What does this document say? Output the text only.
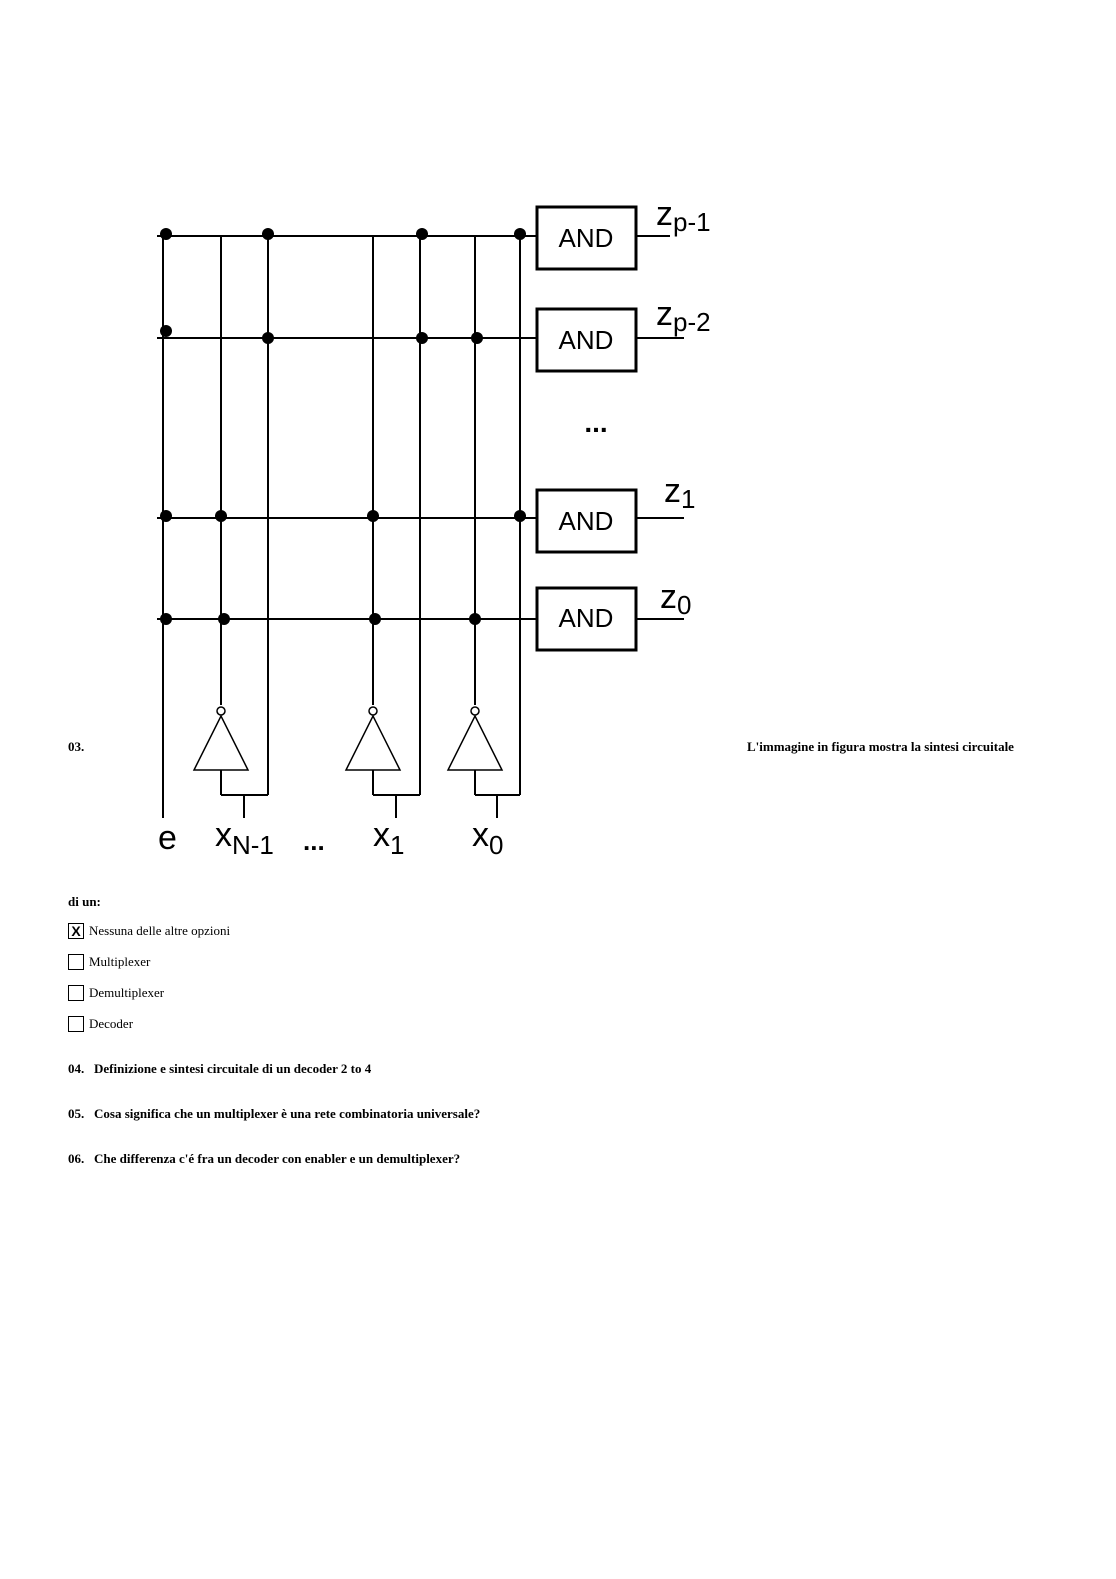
AND
AND
AND
AND
...
zp-1
zp-2
z1
z0
e xN-1 ... x1 x0
03.	L'immagine in figura mostra la sintesi circuitale
di un:
X Nessuna delle altre opzioni
Multiplexer
Demultiplexer
Decoder
04. Definizione e sintesi circuitale di un decoder 2 to 4
05. Cosa significa che un multiplexer è una rete combinatoria universale?
06. Che differenza c'é fra un decoder con enabler e un demultiplexer?
